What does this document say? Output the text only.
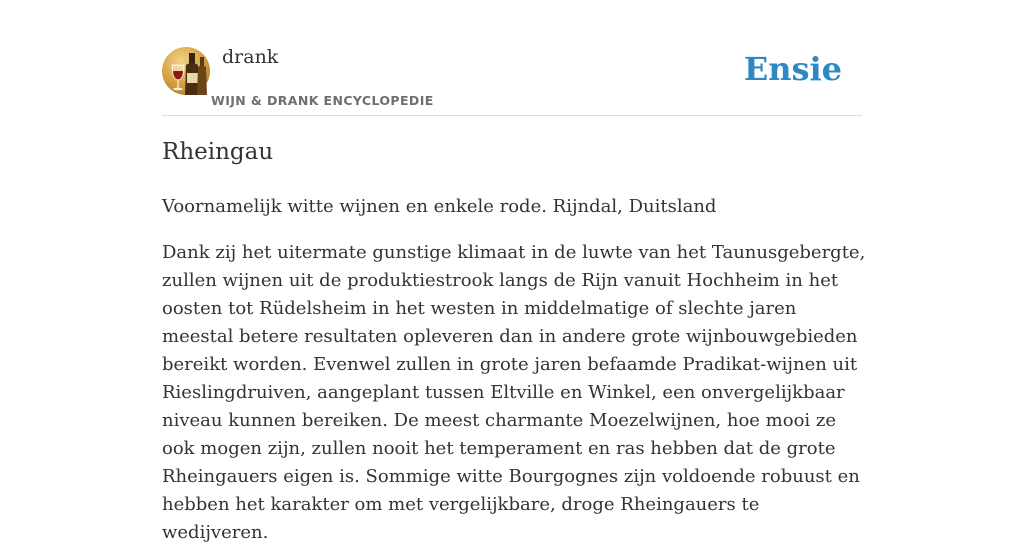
drank
WIJN & DRANK ENCYCLOPEDIE
Ensie
Rheingau

Voornamelijk witte wijnen en enkele rode. Rijndal, Duitsland

Dank zij het uitermate gunstige klimaat in de luwte van het Taunusgebergte, zullen wijnen uit de produktiestrook langs de Rijn vanuit Hochheim in het oosten tot Rüdelsheim in het westen in middelmatige of slechte jaren meestal betere resultaten opleveren dan in andere grote wijnbouwgebieden bereikt worden. Evenwel zullen in grote jaren befaamde Pradikat-wijnen uit Rieslingdruiven, aangeplant tussen Eltville en Winkel, een onvergelijkbaar niveau kunnen bereiken. De meest charmante Moezelwijnen, hoe mooi ze ook mogen zijn, zullen nooit het temperament en ras hebben dat de grote Rheingauers eigen is. Sommige witte Bourgognes zijn voldoende robuust en hebben het karakter om met vergelijkbare, droge Rheingauers te wedijveren.
